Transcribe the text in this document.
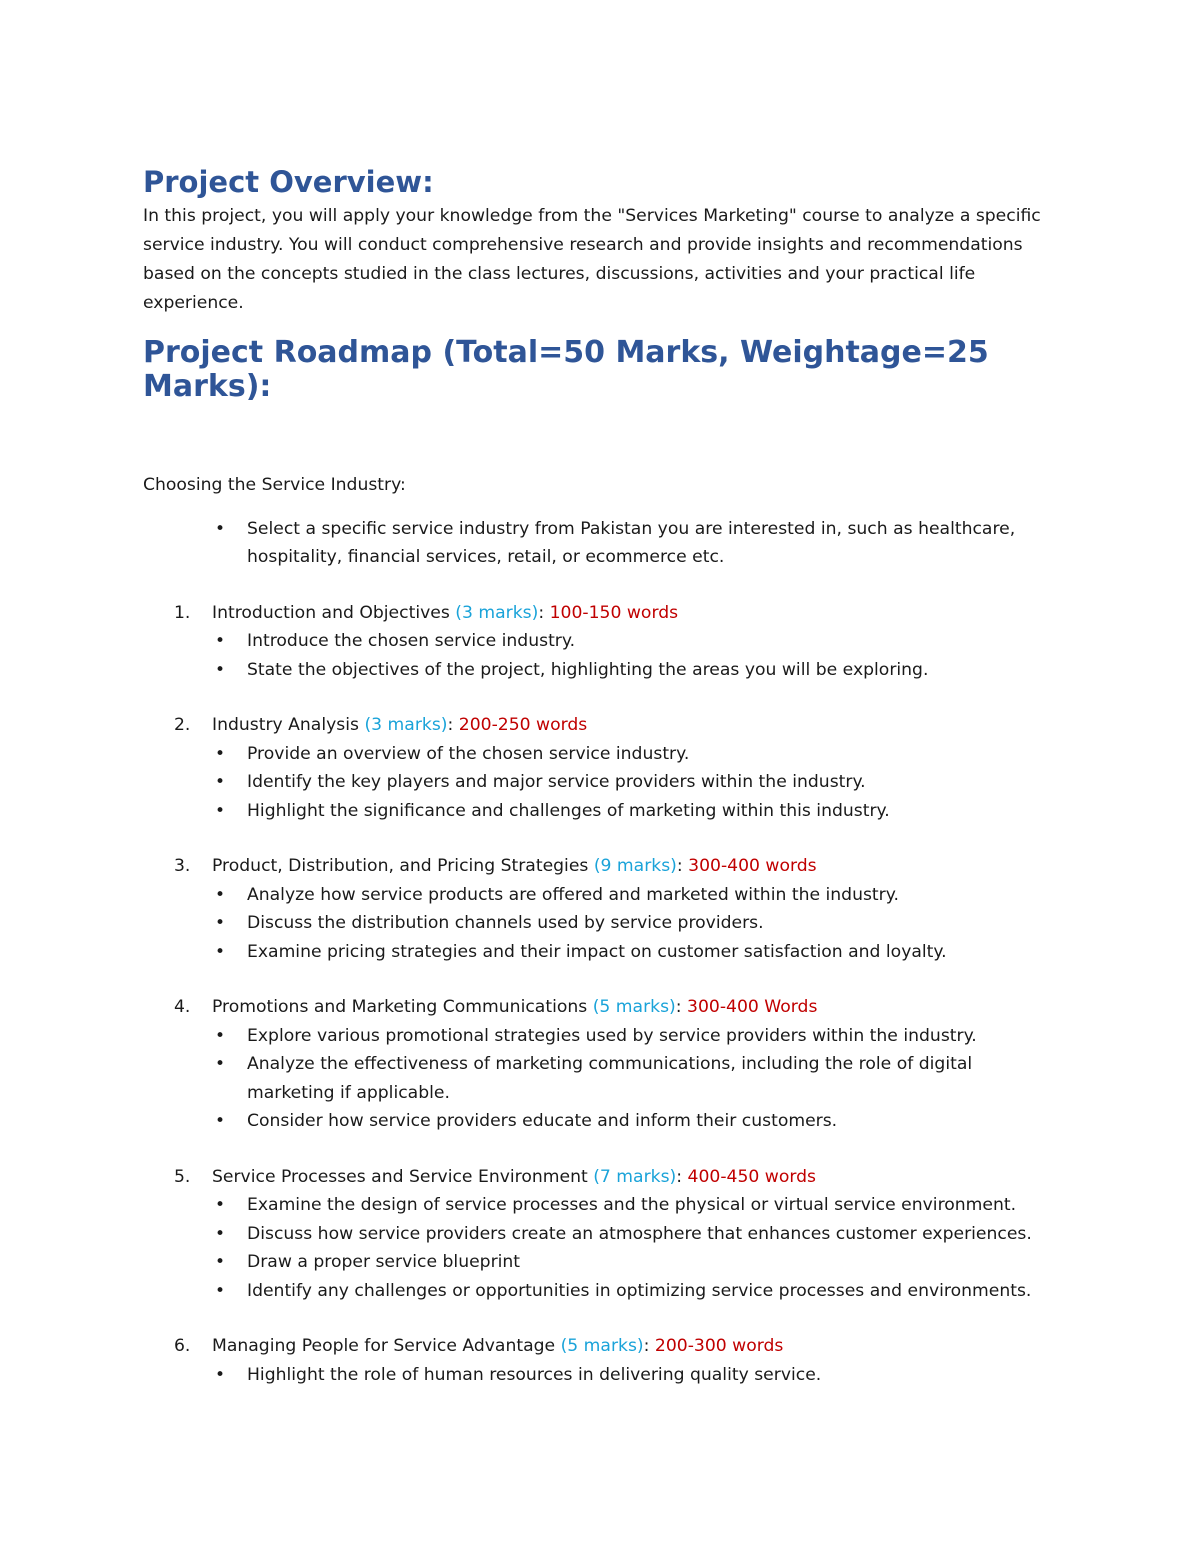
Project Overview:
In this project, you will apply your knowledge from the "Services Marketing" course to analyze a specific
service industry. You will conduct comprehensive research and provide insights and recommendations
based on the concepts studied in the class lectures, discussions, activities and your practical life
experience.
Project Roadmap (Total=50 Marks, Weightage=25
Marks):
Choosing the Service Industry:
• Select a specific service industry from Pakistan you are interested in, such as healthcare,
hospitality, financial services, retail, or ecommerce etc.
1. Introduction and Objectives (3 marks): 100-150 words
• Introduce the chosen service industry.
• State the objectives of the project, highlighting the areas you will be exploring.
2. Industry Analysis (3 marks): 200-250 words
• Provide an overview of the chosen service industry.
• Identify the key players and major service providers within the industry.
• Highlight the significance and challenges of marketing within this industry.
3. Product, Distribution, and Pricing Strategies (9 marks): 300-400 words
• Analyze how service products are offered and marketed within the industry.
• Discuss the distribution channels used by service providers.
• Examine pricing strategies and their impact on customer satisfaction and loyalty.
4. Promotions and Marketing Communications (5 marks): 300-400 Words
• Explore various promotional strategies used by service providers within the industry.
• Analyze the effectiveness of marketing communications, including the role of digital
marketing if applicable.
• Consider how service providers educate and inform their customers.
5. Service Processes and Service Environment (7 marks): 400-450 words
• Examine the design of service processes and the physical or virtual service environment.
• Discuss how service providers create an atmosphere that enhances customer experiences.
• Draw a proper service blueprint
• Identify any challenges or opportunities in optimizing service processes and environments.
6. Managing People for Service Advantage (5 marks): 200-300 words
• Highlight the role of human resources in delivering quality service.
